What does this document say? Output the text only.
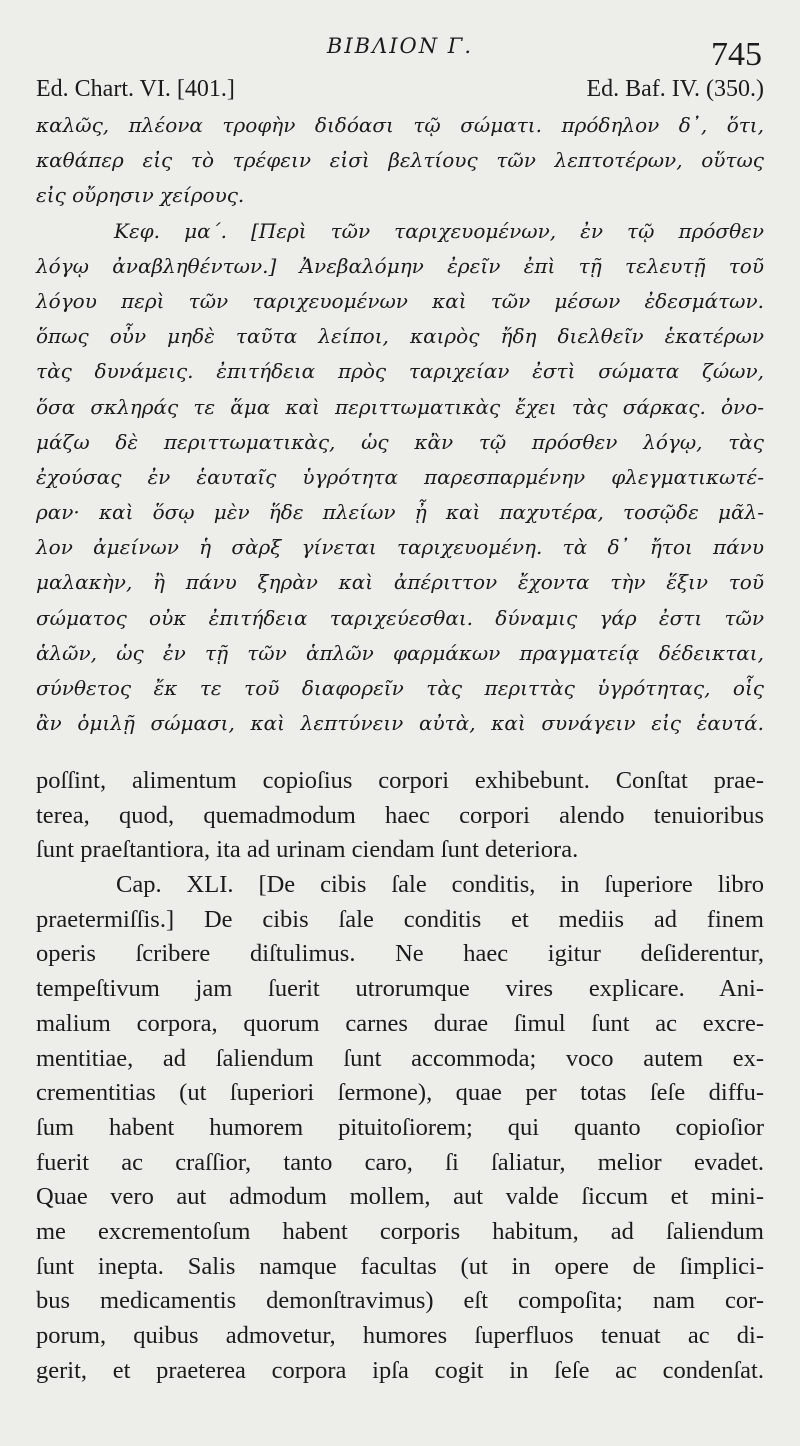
ΒΙΒΛΙΟΝ Γ.	745
Ed. Chart. VI. [401.]	Ed. Baf. IV. (350.)
καλῶς, πλέονα τροφὴν διδόασι τῷ σώματι. πρόδηλον δ᾽, ὅτι,
καθάπερ εἰς τὸ τρέφειν εἰσὶ βελτίους τῶν λεπτοτέρων, οὕτως
εἰς οὔρησιν χείρους.
Κεφ. μα΄. [Περὶ τῶν ταριχευομένων, ἐν τῷ πρόσθεν
λόγῳ ἀναβληθέντων.] Ἀνεβαλόμην ἐρεῖν ἐπὶ τῇ τελευτῇ τοῦ
λόγου περὶ τῶν ταριχευομένων καὶ τῶν μέσων ἐδεσμάτων.
ὅπως οὖν μηδὲ ταῦτα λείποι, καιρὸς ἤδη διελθεῖν ἑκατέρων
τὰς δυνάμεις. ἐπιτήδεια πρὸς ταριχείαν ἐστὶ σώματα ζώων,
ὅσα σκληράς τε ἅμα καὶ περιττωματικὰς ἔχει τὰς σάρκας. ὀνο-
μάζω δὲ περιττωματικὰς, ὡς κἂν τῷ πρόσθεν λόγῳ, τὰς
ἐχούσας ἐν ἑαυταῖς ὑγρότητα παρεσπαρμένην φλεγματικωτέ-
ραν· καὶ ὅσῳ μὲν ἥδε πλείων ᾖ καὶ παχυτέρα, τοσῷδε μᾶλ-
λον ἀμείνων ἡ σὰρξ γίνεται ταριχευομένη. τὰ δ᾽ ἤτοι πάνυ
μαλακὴν, ἢ πάνυ ξηρὰν καὶ ἀπέριττον ἔχοντα τὴν ἕξιν τοῦ
σώματος οὐκ ἐπιτήδεια ταριχεύεσθαι. δύναμις γάρ ἐστι τῶν
ἁλῶν, ὡς ἐν τῇ τῶν ἁπλῶν φαρμάκων πραγματείᾳ δέδεικται,
σύνθετος ἔκ τε τοῦ διαφορεῖν τὰς περιττὰς ὑγρότητας, οἷς
ἂν ὁμιλῇ σώμασι, καὶ λεπτύνειν αὐτὰ, καὶ συνάγειν εἰς ἑαυτά.
poſſint, alimentum copioſius corpori exhibebunt. Conſtat prae-
terea, quod, quemadmodum haec corpori alendo tenuioribus
ſunt praeſtantiora, ita ad urinam ciendam ſunt deteriora.
Cap. XLI. [De cibis ſale conditis, in ſuperiore libro
praetermiſſis.] De cibis ſale conditis et mediis ad finem
operis ſcribere diſtulimus. Ne haec igitur deſiderentur,
tempeſtivum jam ſuerit utrorumque vires explicare. Ani-
malium corpora, quorum carnes durae ſimul ſunt ac excre-
mentitiae, ad ſaliendum ſunt accommoda; voco autem ex-
crementitias (ut ſuperiori ſermone), quae per totas ſeſe diffu-
ſum habent humorem pituitoſiorem; qui quanto copioſior
fuerit ac craſſior, tanto caro, ſi ſaliatur, melior evadet.
Quae vero aut admodum mollem, aut valde ſiccum et mini-
me excrementoſum habent corporis habitum, ad ſaliendum
ſunt inepta. Salis namque facultas (ut in opere de ſimplici-
bus medicamentis demonſtravimus) eſt compoſita; nam cor-
porum, quibus admovetur, humores ſuperfluos tenuat ac di-
gerit, et praeterea corpora ipſa cogit in ſeſe ac condenſat.
